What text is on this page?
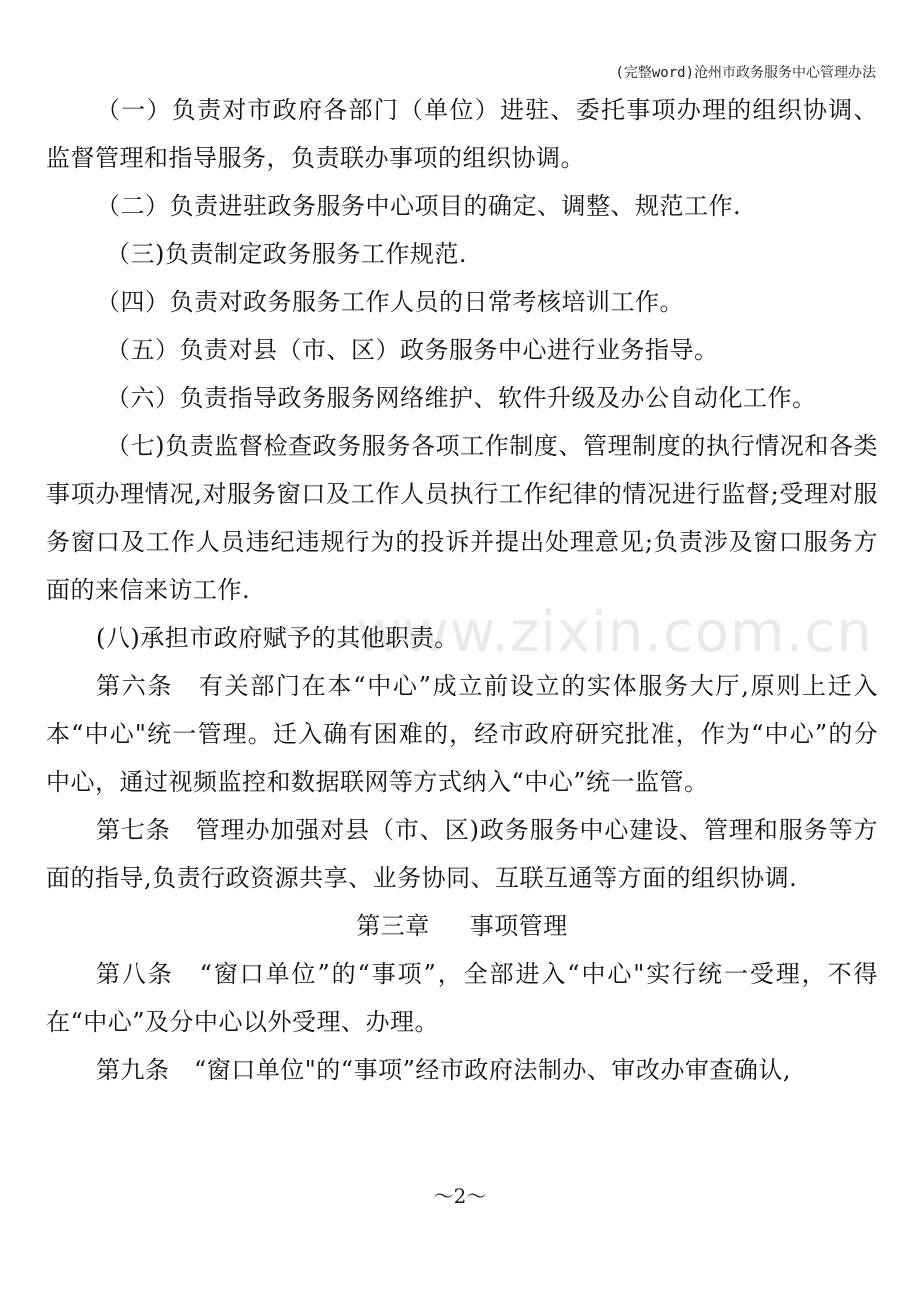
(完整word)沧州市政务服务中心管理办法
www.zixin.com.cn

（一）负责对市政府各部门（单位）进驻、委托事项办理的组织协调、监督管理和指导服务，负责联办事项的组织协调。

（二）负责进驻政务服务中心项目的确定、调整、规范工作.

（三)负责制定政务服务工作规范.

（四）负责对政务服务工作人员的日常考核培训工作。

（五）负责对县（市、区）政务服务中心进行业务指导。

（六）负责指导政务服务网络维护、软件升级及办公自动化工作。

（七)负责监督检查政务服务各项工作制度、管理制度的执行情况和各类事项办理情况,对服务窗口及工作人员执行工作纪律的情况进行监督;受理对服务窗口及工作人员违纪违规行为的投诉并提出处理意见;负责涉及窗口服务方面的来信来访工作.

(八)承担市政府赋予的其他职责。

第六条　有关部门在本“中心”成立前设立的实体服务大厅,原则上迁入本“中心"统一管理。迁入确有困难的，经市政府研究批准，作为“中心”的分中心，通过视频监控和数据联网等方式纳入“中心”统一监管。

第七条　管理办加强对县（市、区)政务服务中心建设、管理和服务等方面的指导,负责行政资源共享、业务协同、互联互通等方面的组织协调.

第三章 事项管理

第八条　“窗口单位”的“事项”，全部进入“中心"实行统一受理，不得在“中心”及分中心以外受理、办理。

第九条　“窗口单位"的“事项”经市政府法制办、审改办审查确认,

～2～
